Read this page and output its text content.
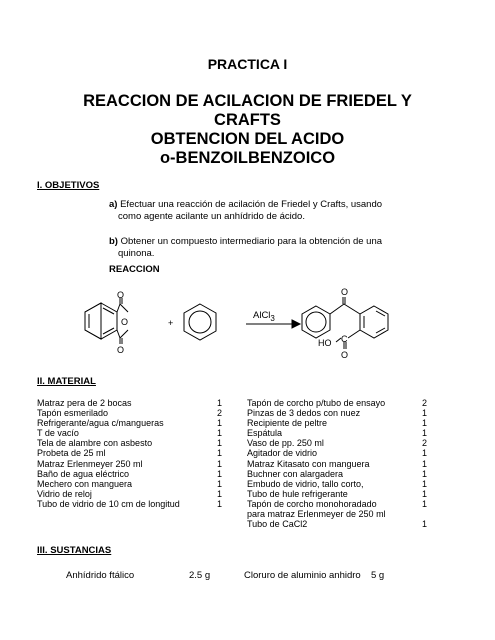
PRACTICA I
REACCION DE ACILACION DE FRIEDEL Y
CRAFTS
OBTENCION DEL ACIDO
o-BENZOILBENZOICO
I. OBJETIVOS
a) Efectuar una reacción de acilación de Friedel y Crafts, usando
como agente acilante un anhídrido de ácido.
b) Obtener un compuesto intermediario para la obtención de una
quinona.
REACCION
O
O
O
+
AlCl$_3$
O
HO C
O
II. MATERIAL
Matraz pera de 2 bocas	1	Tapón de corcho p/tubo de ensayo	2
Tapón esmerilado	2	Pinzas de 3 dedos con nuez	1
Refrigerante/agua c/mangueras	1	Recipiente de peltre	1
T de vacío	1	Espátula	1
Tela de alambre con asbesto	1	Vaso de pp. 250 ml	2
Probeta de 25 ml	1	Agitador de vidrio	1
Matraz Erlenmeyer 250 ml	1	Matraz Kitasato con manguera	1
Baño de agua eléctrico	1	Buchner con alargadera	1
Mechero con manguera	1	Embudo de vidrio, tallo corto,	1
Vidrio de reloj	1	Tubo de hule refrigerante	1
Tubo de vidrio de 10 cm de longitud	1	Tapón de corcho monohoradado	1
		para matraz Erlenmeyer de 250 ml	
		Tubo de CaCl2	1
III. SUSTANCIAS
Anhídrido ftálico	2.5 g	Cloruro de aluminio anhidro 5 g
